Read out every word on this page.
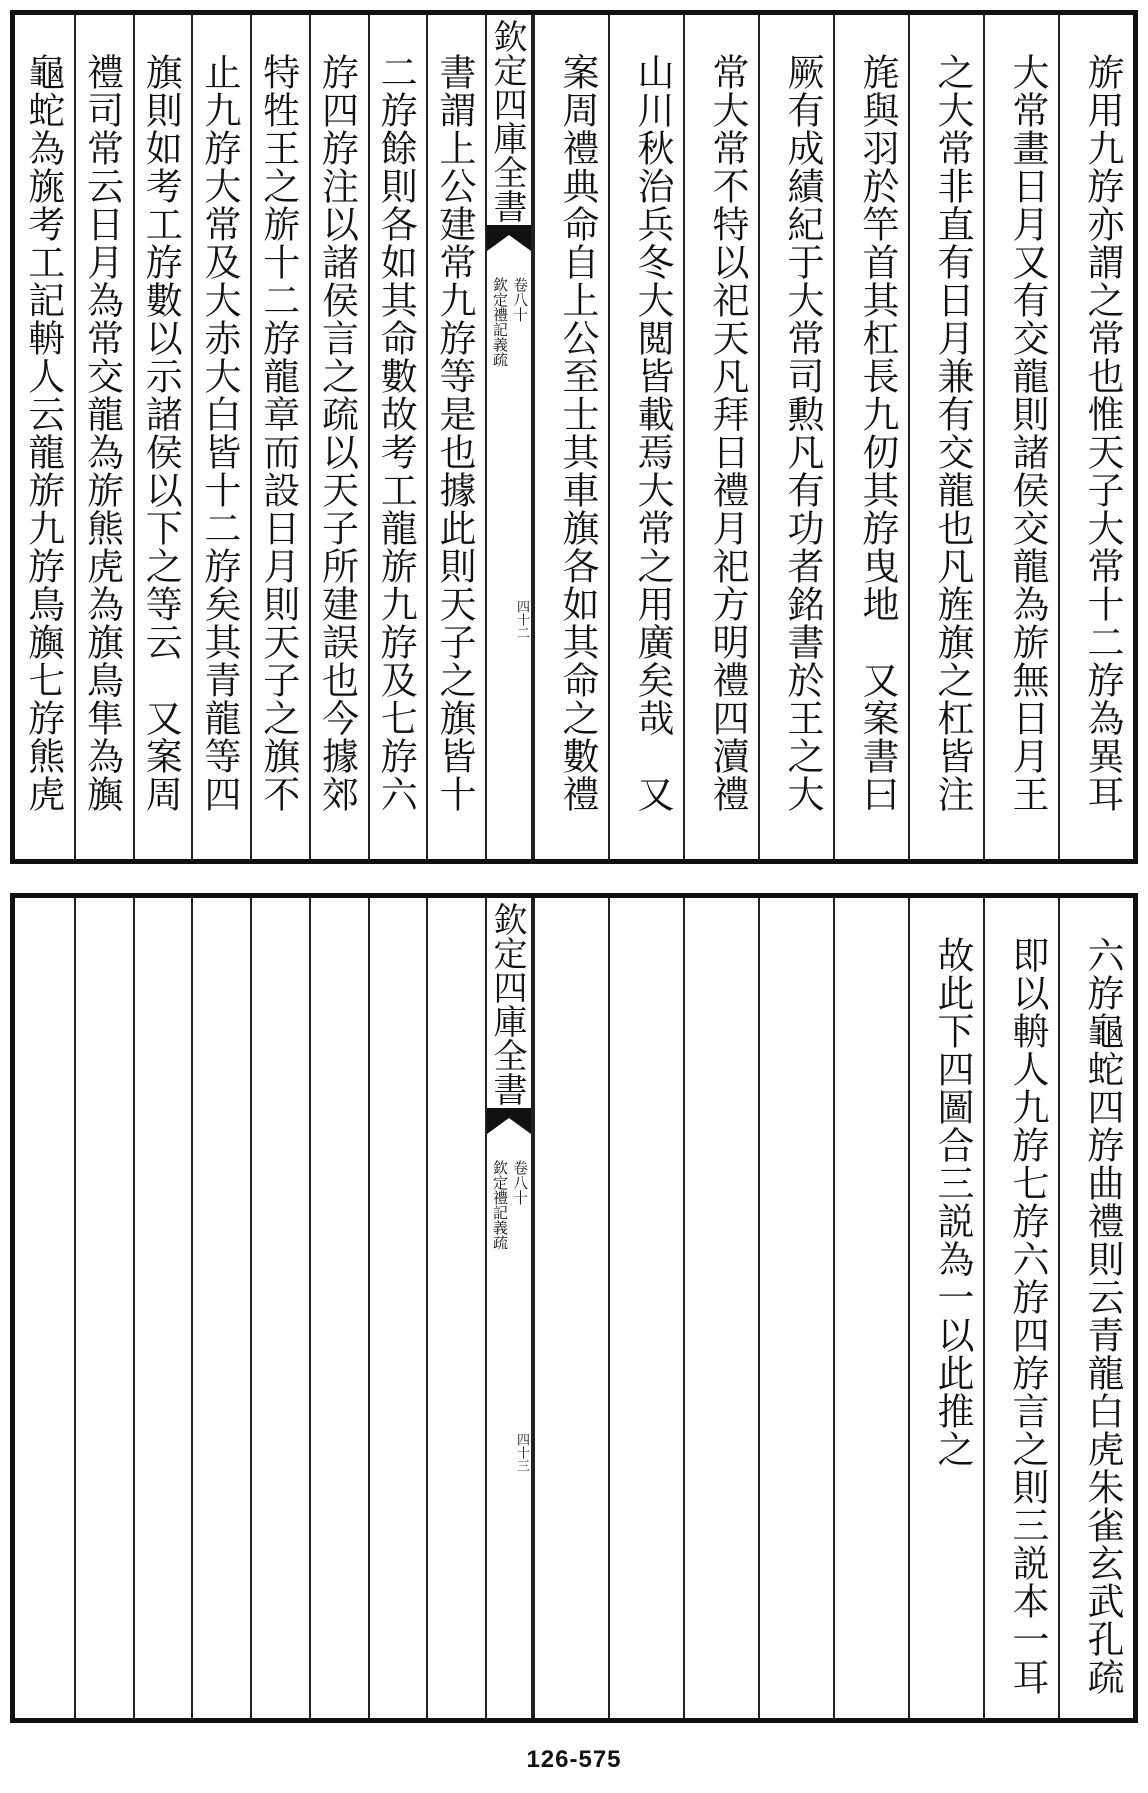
旂用九斿亦謂之常也惟天子大常十二斿為異耳
大常畫日月又有交龍則諸侯交龍為旂無日月王
之大常非直有日月兼有交龍也凡旌旗之杠皆注
旄與羽於竿首其杠長九仞其斿曳地　又案書曰
厥有成績紀于大常司勲凡有功者銘書於王之大
常大常不特以祀天凡拜日禮月祀方明禮四瀆禮
山川秋治兵冬大閲皆載焉大常之用廣矣哉　又
案周禮典命自上公至士其車旗各如其命之數禮
書謂上公建常九斿等是也據此則天子之旗皆十
二斿餘則各如其命數故考工龍旂九斿及七斿六
斿四斿注以諸侯言之疏以天子所建誤也今據郊
特牲王之旂十二斿龍章而設日月則天子之旗不
止九斿大常及大赤大白皆十二斿矣其青龍等四
旗則如考工斿數以示諸侯以下之等云　又案周
禮司常云日月為常交龍為旂熊虎為旗鳥隼為旟
龜蛇為旐考工記輈人云龍旂九斿鳥旟七斿熊虎	欽定四庫全書
欽定禮記義疏 卷八十
四十二
六斿龜蛇四斿曲禮則云青龍白虎朱雀玄武孔疏
即以輈人九斿七斿六斿四斿言之則三説本一耳
故此下四圖合三説為一以此推之
欽定四庫全書
欽定禮記義疏 卷八十
四十三
126-575
